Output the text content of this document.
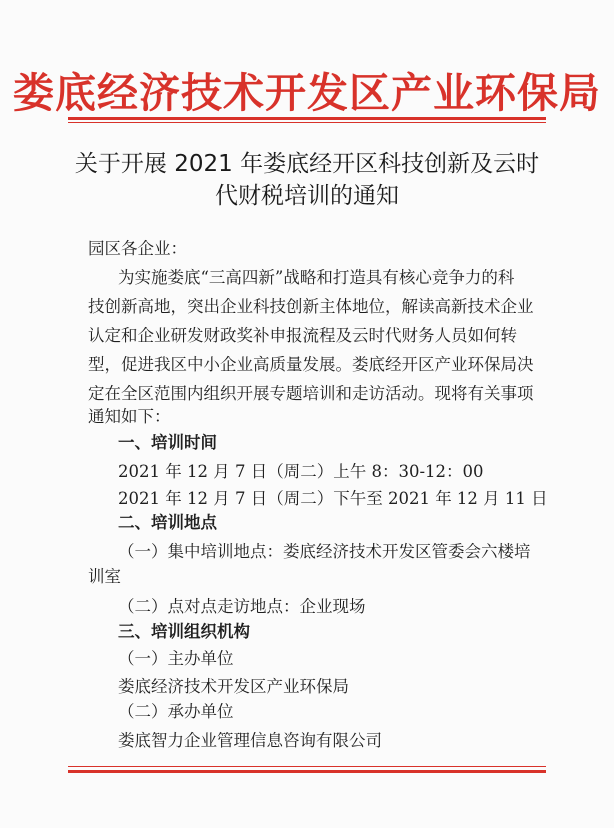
娄底经济技术开发区产业环保局
关于开展 2021 年娄底经开区科技创新及云时
代财税培训的通知
园区各企业：
为实施娄底“三高四新”战略和打造具有核心竞争力的科
技创新高地，突出企业科技创新主体地位，解读高新技术企业
认定和企业研发财政奖补申报流程及云时代财务人员如何转
型，促进我区中小企业高质量发展。娄底经开区产业环保局决
定在全区范围内组织开展专题培训和走访活动。现将有关事项
通知如下：
一、培训时间
2021 年 12 月 7 日（周二）上午 8：30-12：00
2021 年 12 月 7 日（周二）下午至 2021 年 12 月 11 日
二、培训地点
（一）集中培训地点：娄底经济技术开发区管委会六楼培
训室
（二）点对点走访地点：企业现场
三、培训组织机构
（一）主办单位
娄底经济技术开发区产业环保局
（二）承办单位
娄底智力企业管理信息咨询有限公司
